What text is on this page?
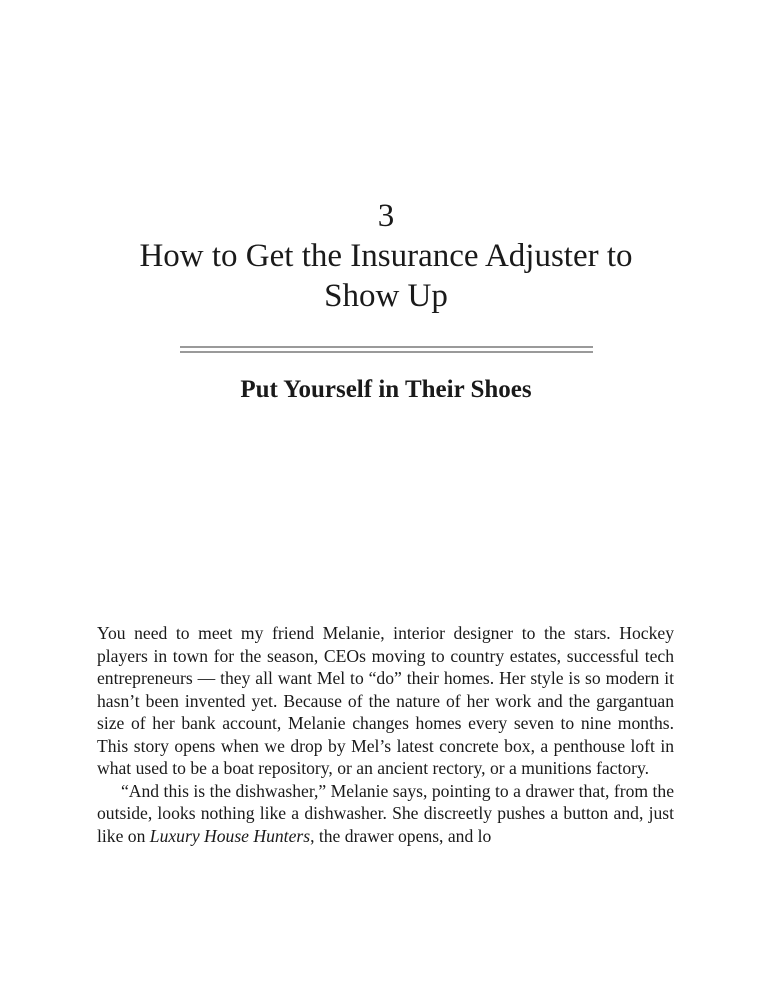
3
How to Get the Insurance Adjuster to Show Up
Put Yourself in Their Shoes

You need to meet my friend Melanie, interior designer to the stars. Hockey players in town for the season, CEOs moving to country estates, successful tech entrepreneurs — they all want Mel to “do” their homes. Her style is so modern it hasn’t been invented yet. Because of the nature of her work and the gargantuan size of her bank account, Melanie changes homes every seven to nine months. This story opens when we drop by Mel’s latest concrete box, a penthouse loft in what used to be a boat repository, or an ancient rectory, or a munitions factory.

“And this is the dishwasher,” Melanie says, pointing to a drawer that, from the outside, looks nothing like a dishwasher. She discreetly pushes a button and, just like on Luxury House Hunters, the drawer opens, and lo
